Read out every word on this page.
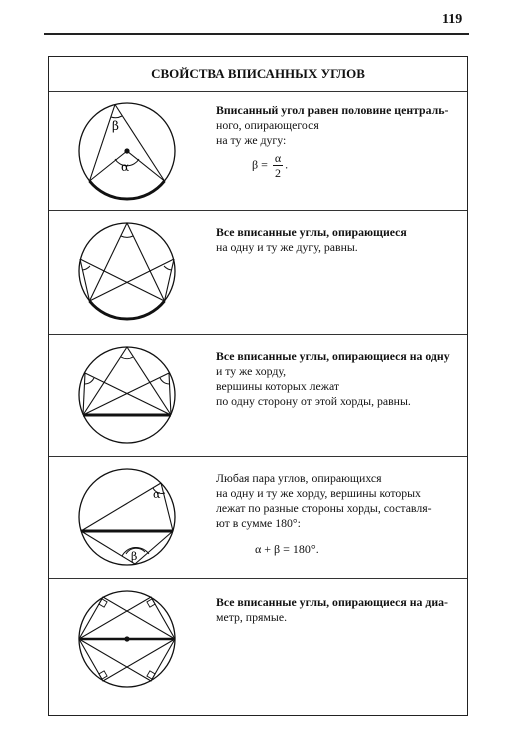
119
СВОЙСТВА ВПИСАННЫХ УГЛОВ
β
α
Вписанный угол равен половине централь-
ного, опирающегося
на ту же дугу:
$\beta = \frac{\alpha}{2}$ .
Все вписанные углы, опирающиеся
на одну и ту же дугу, равны.
Все вписанные углы, опирающиеся на одну
и ту же хорду,
вершины которых лежат
по одну сторону от этой хорды, равны.
α
β
Любая пара углов, опирающихся
на одну и ту же хорду, вершины которых
лежат по разные стороны хорды, составля-
ют в сумме 180°:
α + β = 180°.
Все вписанные углы, опирающиеся на диа-
метр, прямые.
